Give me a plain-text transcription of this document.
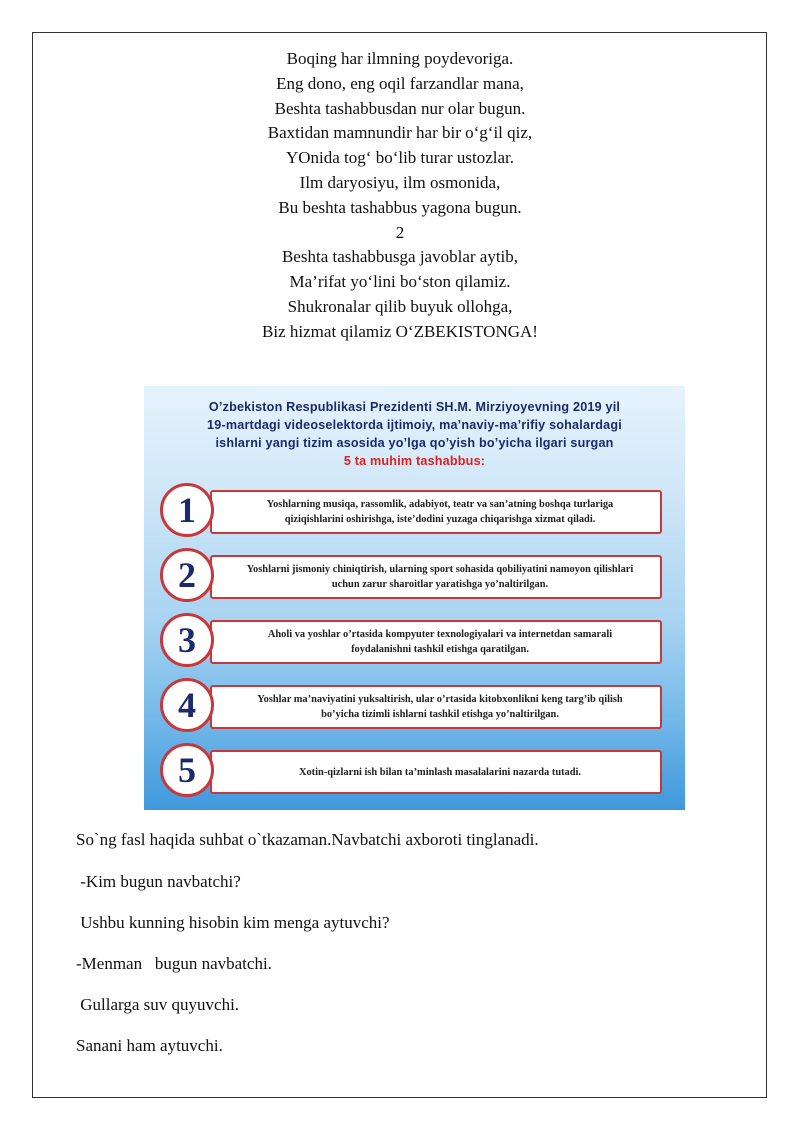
Boqing har ilmning poydevoriga.
Eng dono, eng oqil farzandlar mana,
Beshta tashabbusdan nur olar bugun.
Baxtidan mamnundir har bir o‘g‘il qiz,
YOnida tog‘ bo‘lib turar ustozlar.
Ilm daryosiyu, ilm osmonida,
Bu beshta tashabbus yagona bugun.
2
Beshta tashabbusga javoblar aytib,
Ma’rifat yo‘lini bo‘ston qilamiz.
Shukronalar qilib buyuk ollohga,
Biz hizmat qilamiz O‘ZBEKISTONGA!
O’zbekiston Respublikasi Prezidenti SH.M. Mirziyoyevning 2019 yil
19-martdagi videoselektorda ijtimoiy, ma’naviy-ma’rifiy sohalardagi
ishlarni yangi tizim asosida yo’lga qo’yish bo’yicha ilgari surgan
5 ta muhim tashabbus:
Yoshlarning musiqa, rassomlik, adabiyot, teatr va san’atning boshqa turlariga qiziqishlarini oshirishga, iste’dodini yuzaga chiqarishga xizmat qiladi.
1
Yoshlarni jismoniy chiniqtirish, ularning sport sohasida qobiliyatini namoyon qilishlari uchun zarur sharoitlar yaratishga yo’naltirilgan.
2
Aholi va yoshlar o’rtasida kompyuter texnologiyalari va internetdan samarali foydalanishni tashkil etishga qaratilgan.
3
Yoshlar ma’naviyatini yuksaltirish, ular o’rtasida kitobxonlikni keng targ’ib qilish bo’yicha tizimli ishlarni tashkil etishga yo’naltirilgan.
4
Xotin-qizlarni ish bilan ta’minlash masalalarini nazarda tutadi.
5
So`ng fasl haqida suhbat o`tkazaman.Navbatchi axboroti tinglanadi.
-Kim bugun navbatchi?
Ushbu kunning hisobin kim menga aytuvchi?
-Menman   bugun navbatchi.
Gullarga suv quyuvchi.
Sanani ham aytuvchi.
